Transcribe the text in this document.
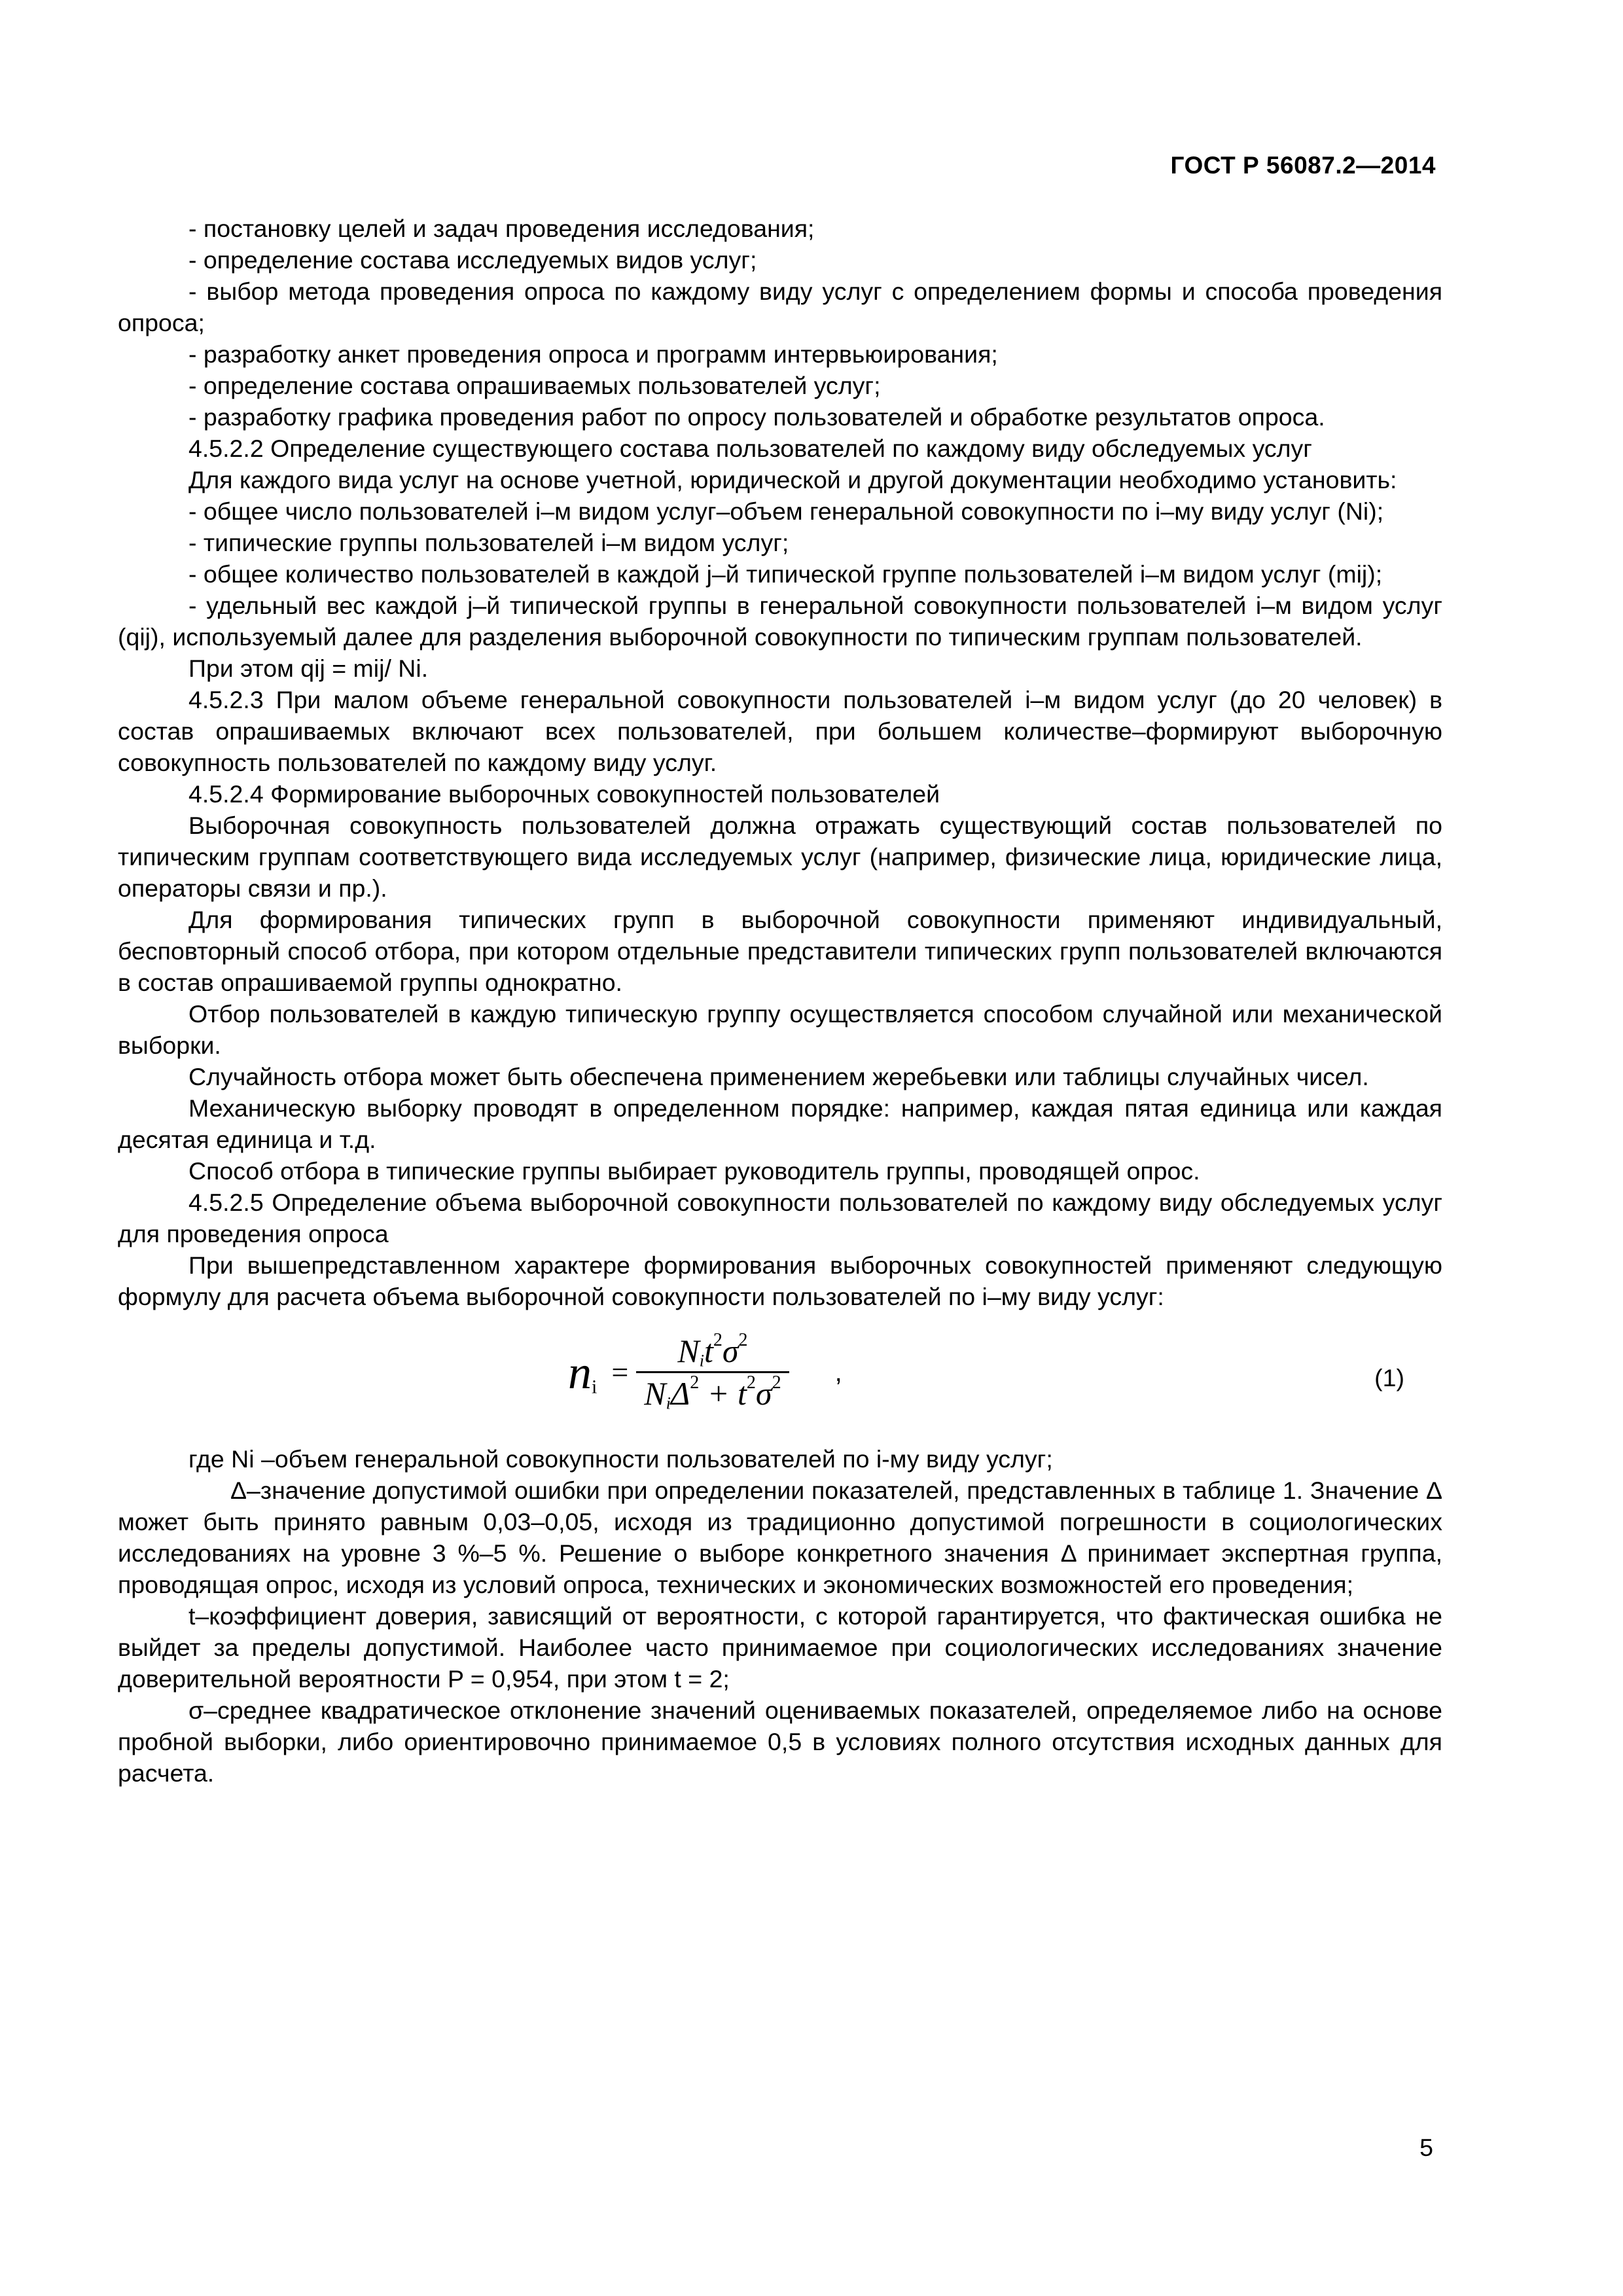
ГОСТ Р 56087.2—2014

- постановку целей и задач проведения исследования;

- определение состава исследуемых видов услуг;

- выбор метода проведения опроса по каждому виду услуг с определением формы и способа проведения опроса;

- разработку анкет проведения опроса и программ интервьюирования;

- определение состава опрашиваемых пользователей услуг;

- разработку графика проведения работ по опросу пользователей и обработке результатов опроса.

4.5.2.2 Определение существующего состава пользователей по каждому виду обследуемых услуг

Для каждого вида услуг на основе учетной, юридической и другой документации необходимо установить:

- общее число пользователей i–м видом услуг–объем генеральной совокупности по i–му виду услуг (Ni);

- типические группы пользователей i–м видом услуг;

- общее количество пользователей в каждой j–й типической группе пользователей i–м видом услуг (mij);

- удельный вес каждой j–й типической группы в генеральной совокупности пользователей i–м видом услуг (qij), используемый далее для разделения выборочной совокупности по типическим группам пользователей.

При этом qij = mij/ Ni.

4.5.2.3 При малом объеме генеральной совокупности пользователей i–м видом услуг (до 20 человек) в состав опрашиваемых включают всех пользователей, при большем количестве–формируют выборочную совокупность пользователей по каждому виду услуг.

4.5.2.4 Формирование выборочных совокупностей пользователей

Выборочная совокупность пользователей должна отражать существующий состав пользователей по типическим группам соответствующего вида исследуемых услуг (например, физические лица, юридические лица, операторы связи и пр.).

Для формирования типических групп в выборочной совокупности применяют индивидуальный, бесповторный способ отбора, при котором отдельные представители типических групп пользователей включаются в состав опрашиваемой группы однократно.

Отбор пользователей в каждую типическую группу осуществляется способом случайной или механической выборки.

Случайность отбора может быть обеспечена применением жеребьевки или таблицы случайных чисел.

Механическую выборку проводят в определенном порядке: например, каждая пятая единица или каждая десятая единица и т.д.

Способ отбора в типические группы выбирает руководитель группы, проводящей опрос.

4.5.2.5 Определение объема выборочной совокупности пользователей по каждому виду обследуемых услуг для проведения опроса

При вышепредставленном характере формирования выборочных совокупностей применяют следующую формулу для расчета объема выборочной совокупности пользователей по i–му виду услуг:

$n_i = \frac{N_it^2\sigma^2}{N_i\Delta^2 + t^2\sigma^2}$ ,	(1)

где Ni –объем генеральной совокупности пользователей по i-му виду услуг;

Δ–значение допустимой ошибки при определении показателей, представленных в таблице 1. Значение Δ может быть принято равным 0,03–0,05, исходя из традиционно допустимой погрешности в социологических исследованиях на уровне 3 %–5 %. Решение о выборе конкретного значения Δ принимает экспертная группа, проводящая опрос, исходя из условий опроса, технических и экономических возможностей его проведения;

t–коэффициент доверия, зависящий от вероятности, с которой гарантируется, что фактическая ошибка не выйдет за пределы допустимой. Наиболее часто принимаемое при социологических исследованиях значение доверительной вероятности P = 0,954, при этом t = 2;

σ–среднее квадратическое отклонение значений оцениваемых показателей, определяемое либо на основе пробной выборки, либо ориентировочно принимаемое 0,5 в условиях полного отсутствия исходных данных для расчета.

5
